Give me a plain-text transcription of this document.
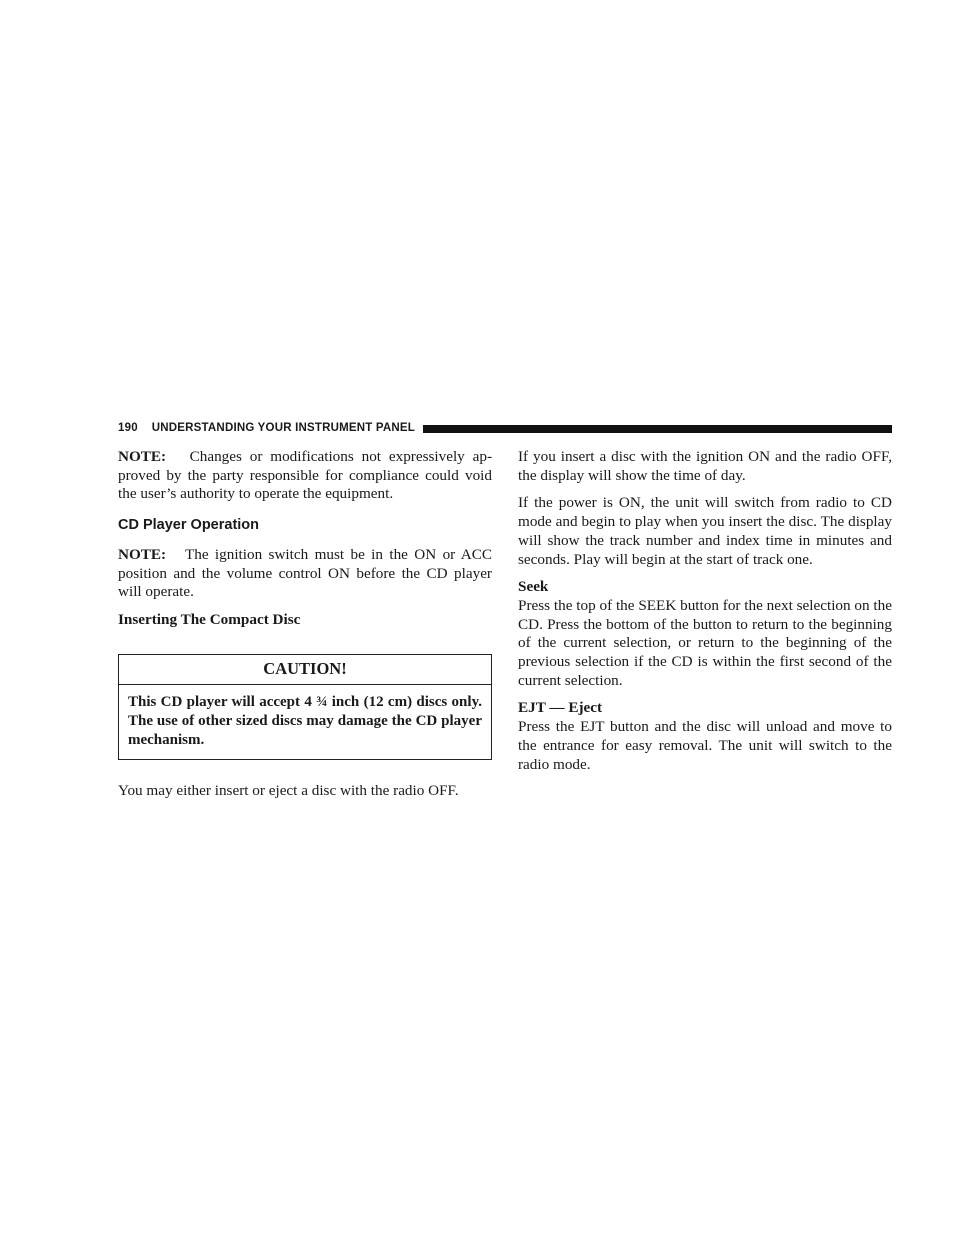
190 UNDERSTANDING YOUR INSTRUMENT PANEL

NOTE: Changes or modifications not expressively ap-proved by the party responsible for compliance could void the user’s authority to operate the equipment.

CD Player Operation

NOTE: The ignition switch must be in the ON or ACC position and the volume control ON before the CD player will operate.

Inserting The Compact Disc
CAUTION!
This CD player will accept 4 ¾ inch (12 cm) discs only. The use of other sized discs may damage the CD player mechanism.

You may either insert or eject a disc with the radio OFF.

If you insert a disc with the ignition ON and the radio OFF, the display will show the time of day.

If the power is ON, the unit will switch from radio to CD mode and begin to play when you insert the disc. The display will show the track number and index time in minutes and seconds. Play will begin at the start of track one.

Seek

Press the top of the SEEK button for the next selection on the CD. Press the bottom of the button to return to the beginning of the current selection, or return to the beginning of the previous selection if the CD is within the first second of the current selection.

EJT — Eject

Press the EJT button and the disc will unload and move to the entrance for easy removal. The unit will switch to the radio mode.
